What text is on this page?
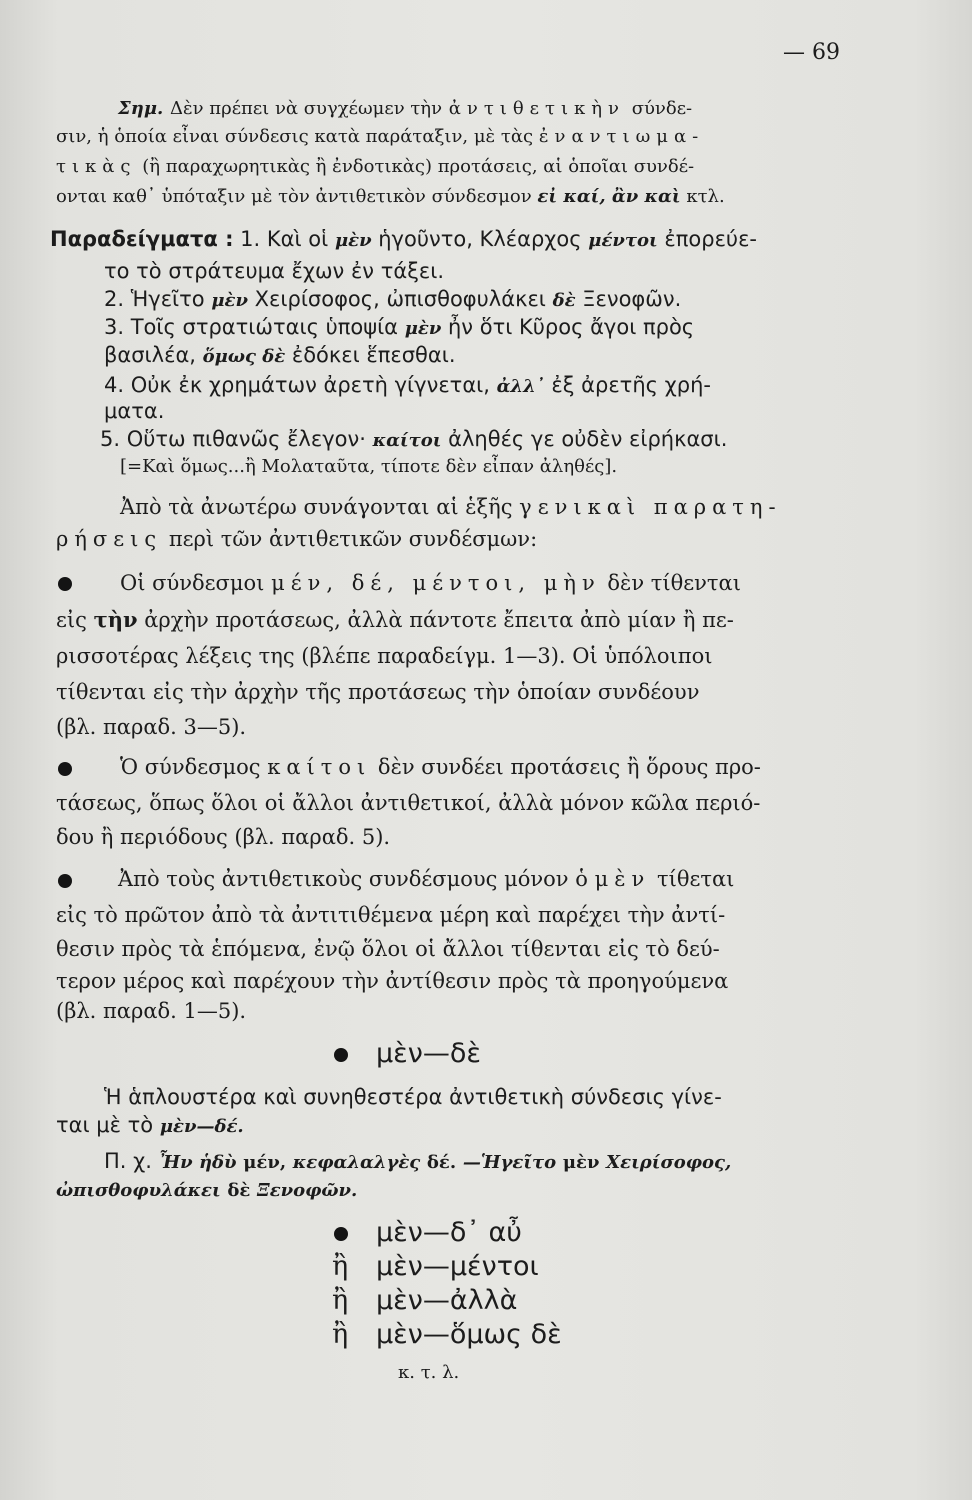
— 69
Σημ. Δὲν πρέπει νὰ συγχέωμεν τὴν ἀντιθετικὴν σύνδε-
σιν, ἡ ὁποία εἶναι σύνδεσις κατὰ παράταξιν, μὲ τὰς ἐναντιωμα-
τικὰς (ἢ παραχωρητικὰς ἢ ἐνδοτικὰς) προτάσεις, αἱ ὁποῖαι συνδέ-
ονται καθ᾿ ὑπόταξιν μὲ τὸν ἀντιθετικὸν σύνδεσμον εἰ καί, ἂν καὶ κτλ.
Παραδείγματα : 1. Καὶ οἱ μὲν ἡγοῦντο, Κλέαρχος μέντοι ἐπορεύε-
το τὸ στράτευμα ἔχων ἐν τάξει.
2. Ἡγεῖτο μὲν Χειρίσοφος, ὠπισθοφυλάκει δὲ Ξενοφῶν.
3. Τοῖς στρατιώταις ὑποψία μὲν ἦν ὅτι Κῦρος ἄγοι πρὸς
βασιλέα, ὅμως δὲ ἐδόκει ἕπεσθαι.
4. Οὐκ ἐκ χρημάτων ἀρετὴ γίγνεται, ἀλλ᾿ ἐξ ἀρετῆς χρή-
ματα.
5. Οὕτω πιθανῶς ἔλεγον· καίτοι ἀληθές γε οὐδὲν εἰρήκασι.
[=Καὶ ὅμως...ἢ Μολαταῦτα, τίποτε δὲν εἶπαν ἀληθές].
Ἀπὸ τὰ ἀνωτέρω συνάγονται αἱ ἑξῆς γενικαὶ παρατη-
ρήσεις περὶ τῶν ἀντιθετικῶν συνδέσμων:
Οἱ σύνδεσμοι μέν, δέ, μέντοι, μὴν δὲν τίθενται
εἰς τὴν ἀρχὴν προτάσεως, ἀλλὰ πάντοτε ἔπειτα ἀπὸ μίαν ἢ πε-
ρισσοτέρας λέξεις της (βλέπε παραδείγμ. 1—3). Οἱ ὑπόλοιποι
τίθενται εἰς τὴν ἀρχὴν τῆς προτάσεως τὴν ὁποίαν συνδέουν
(βλ. παραδ. 3—5).
Ὁ σύνδεσμος καίτοι δὲν συνδέει προτάσεις ἢ ὅρους προ-
τάσεως, ὅπως ὅλοι οἱ ἄλλοι ἀντιθετικοί, ἀλλὰ μόνον κῶλα περιό-
δου ἢ περιόδους (βλ. παραδ. 5).
Ἀπὸ τοὺς ἀντιθετικοὺς συνδέσμους μόνον ὁ μὲν τίθεται
εἰς τὸ πρῶτον ἀπὸ τὰ ἀντιτιθέμενα μέρη καὶ παρέχει τὴν ἀντί-
θεσιν πρὸς τὰ ἑπόμενα, ἐνῷ ὅλοι οἱ ἄλλοι τίθενται εἰς τὸ δεύ-
τερον μέρος καὶ παρέχουν τὴν ἀντίθεσιν πρὸς τὰ προηγούμενα
(βλ. παραδ. 1—5).
μὲν—δὲ
Ἡ ἁπλουστέρα καὶ συνηθεστέρα ἀντιθετικὴ σύνδεσις γίνε-
ται μὲ τὸ μὲν—δέ.
Π. χ. Ἦν ἡδὺ μέν, κεφαλαλγὲς δέ. —Ἡγεῖτο μὲν Χειρίσοφος,
ὠπισθοφυλάκει δὲ Ξενοφῶν.
μὲν—δ᾿ αὖ
ἢ μὲν—μέντοι
ἢ μὲν—ἀλλὰ
ἢ μὲν—ὅμως δὲ
κ. τ. λ.
